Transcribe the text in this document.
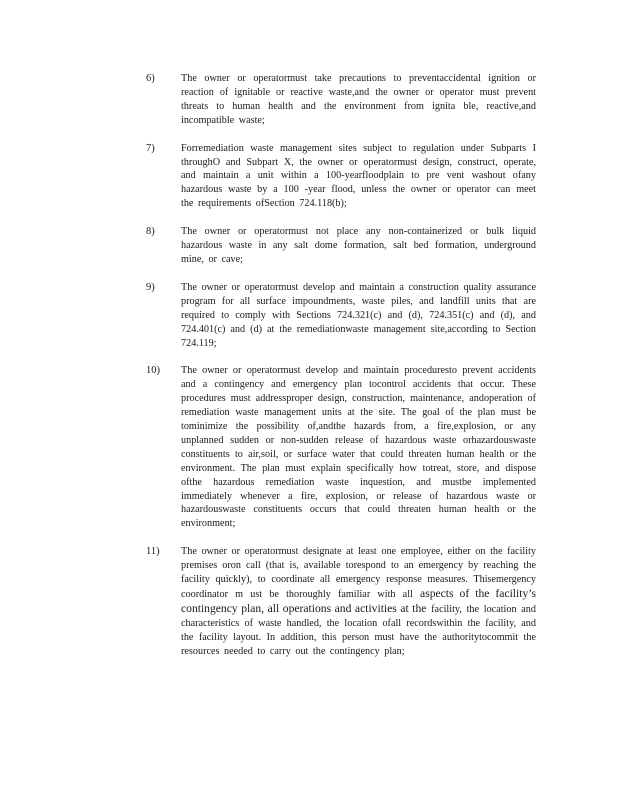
6)	The owner or operatormust take precautions to preventaccidental ignition or reaction of ignitable or reactive waste,and the owner or operator must prevent threats to human health and the environment from ignita ble, reactive,and incompatible waste;
7)	Forremediation waste management sites subject to regulation under Subparts I throughO and Subpart X, the owner or operatormust design, construct, operate, and maintain a unit within a 100-yearfloodplain to pre vent washout ofany hazardous waste by a 100 -year flood, unless the owner or operator can meet the requirements ofSection 724.118(b);
8)	The owner or operatormust not place any non-containerized or bulk liquid hazardous waste in any salt dome formation, salt bed formation, underground mine, or cave;
9)	The owner or operatormust develop and maintain a construction quality assurance program for all surface impoundments, waste piles, and landfill units that are required to comply with Sections 724.321(c) and (d), 724.351(c) and (d), and 724.401(c) and (d) at the remediationwaste management site,according to Section 724.119;
10) The owner or operatormust develop and maintain proceduresto prevent accidents and a contingency and emergency plan tocontrol accidents that occur. These procedures must addressproper design, construction, maintenance, andoperation of remediation waste management units at the site. The goal of the plan must be tominimize the possibility of,andthe hazards from, a fire,explosion, or any unplanned sudden or non-sudden release of hazardous waste orhazardouswaste constituents to air,soil, or surface water that could threaten human health or the environment. The plan must explain specifically how totreat, store, and dispose ofthe hazardous remediation waste inquestion, and mustbe implemented immediately whenever a fire, explosion, or release of hazardous waste or hazardouswaste constituents occurs that could threaten human health or the environment;
11) The owner or operatormust designate at least one employee, either on the facility premises oron call (that is, available torespond to an emergency by reaching the facility quickly), to coordinate all emergency response measures. Thisemergency coordinator m ust be thoroughly familiar with all aspects of the facility’s contingency plan, all operations and activities at the facility, the location and characteristics of waste handled, the location ofall recordswithin the facility, and the facility layout. In addition, this person must have the authoritytocommit the resources needed to carry out the contingency plan;
